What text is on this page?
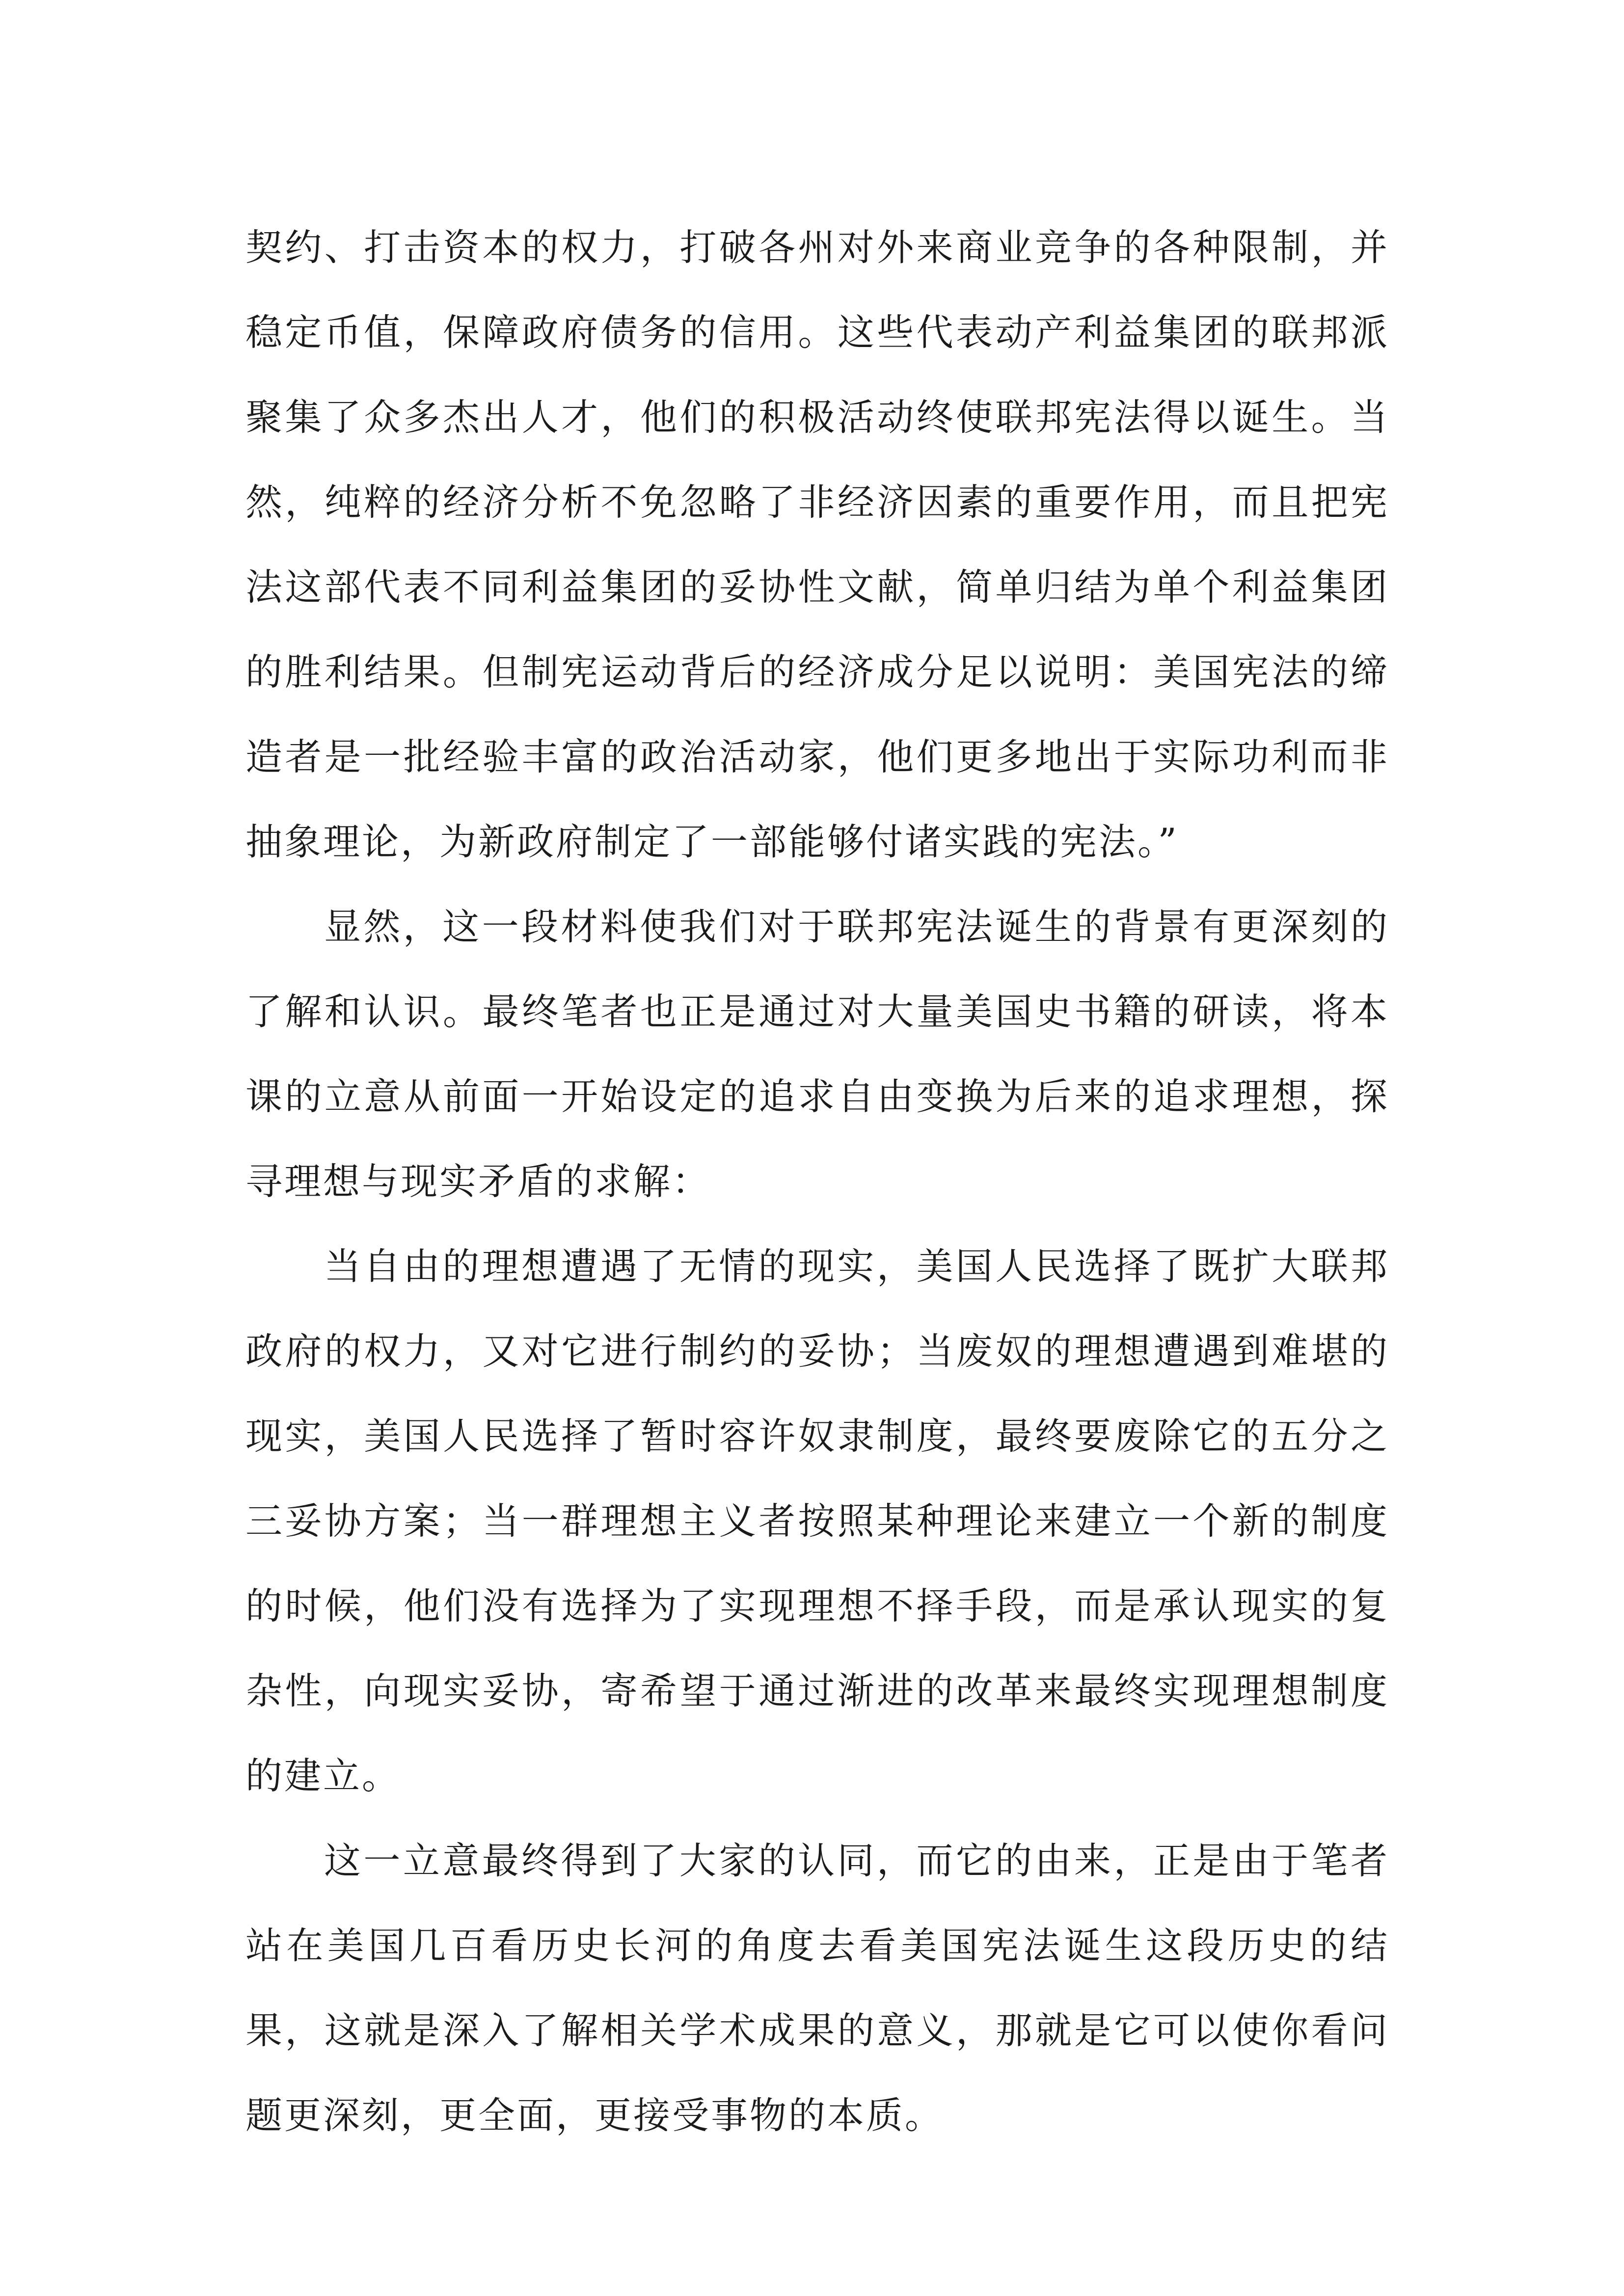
契约、打击资本的权力，打破各州对外来商业竞争的各种限制，并稳定币值，保障政府债务的信用。这些代表动产利益集团的联邦派聚集了众多杰出人才，他们的积极活动终使联邦宪法得以诞生。当然，纯粹的经济分析不免忽略了非经济因素的重要作用，而且把宪法这部代表不同利益集团的妥协性文献，简单归结为单个利益集团的胜利结果。但制宪运动背后的经济成分足以说明：美国宪法的缔造者是一批经验丰富的政治活动家，他们更多地出于实际功利而非抽象理论，为新政府制定了一部能够付诸实践的宪法。”

显然，这一段材料使我们对于联邦宪法诞生的背景有更深刻的了解和认识。最终笔者也正是通过对大量美国史书籍的研读，将本课的立意从前面一开始设定的追求自由变换为后来的追求理想，探寻理想与现实矛盾的求解：

当自由的理想遭遇了无情的现实，美国人民选择了既扩大联邦政府的权力，又对它进行制约的妥协；当废奴的理想遭遇到难堪的现实，美国人民选择了暂时容许奴隶制度，最终要废除它的五分之三妥协方案；当一群理想主义者按照某种理论来建立一个新的制度的时候，他们没有选择为了实现理想不择手段，而是承认现实的复杂性，向现实妥协，寄希望于通过渐进的改革来最终实现理想制度的建立。

这一立意最终得到了大家的认同，而它的由来，正是由于笔者站在美国几百看历史长河的角度去看美国宪法诞生这段历史的结果，这就是深入了解相关学术成果的意义，那就是它可以使你看问题更深刻，更全面，更接受事物的本质。
